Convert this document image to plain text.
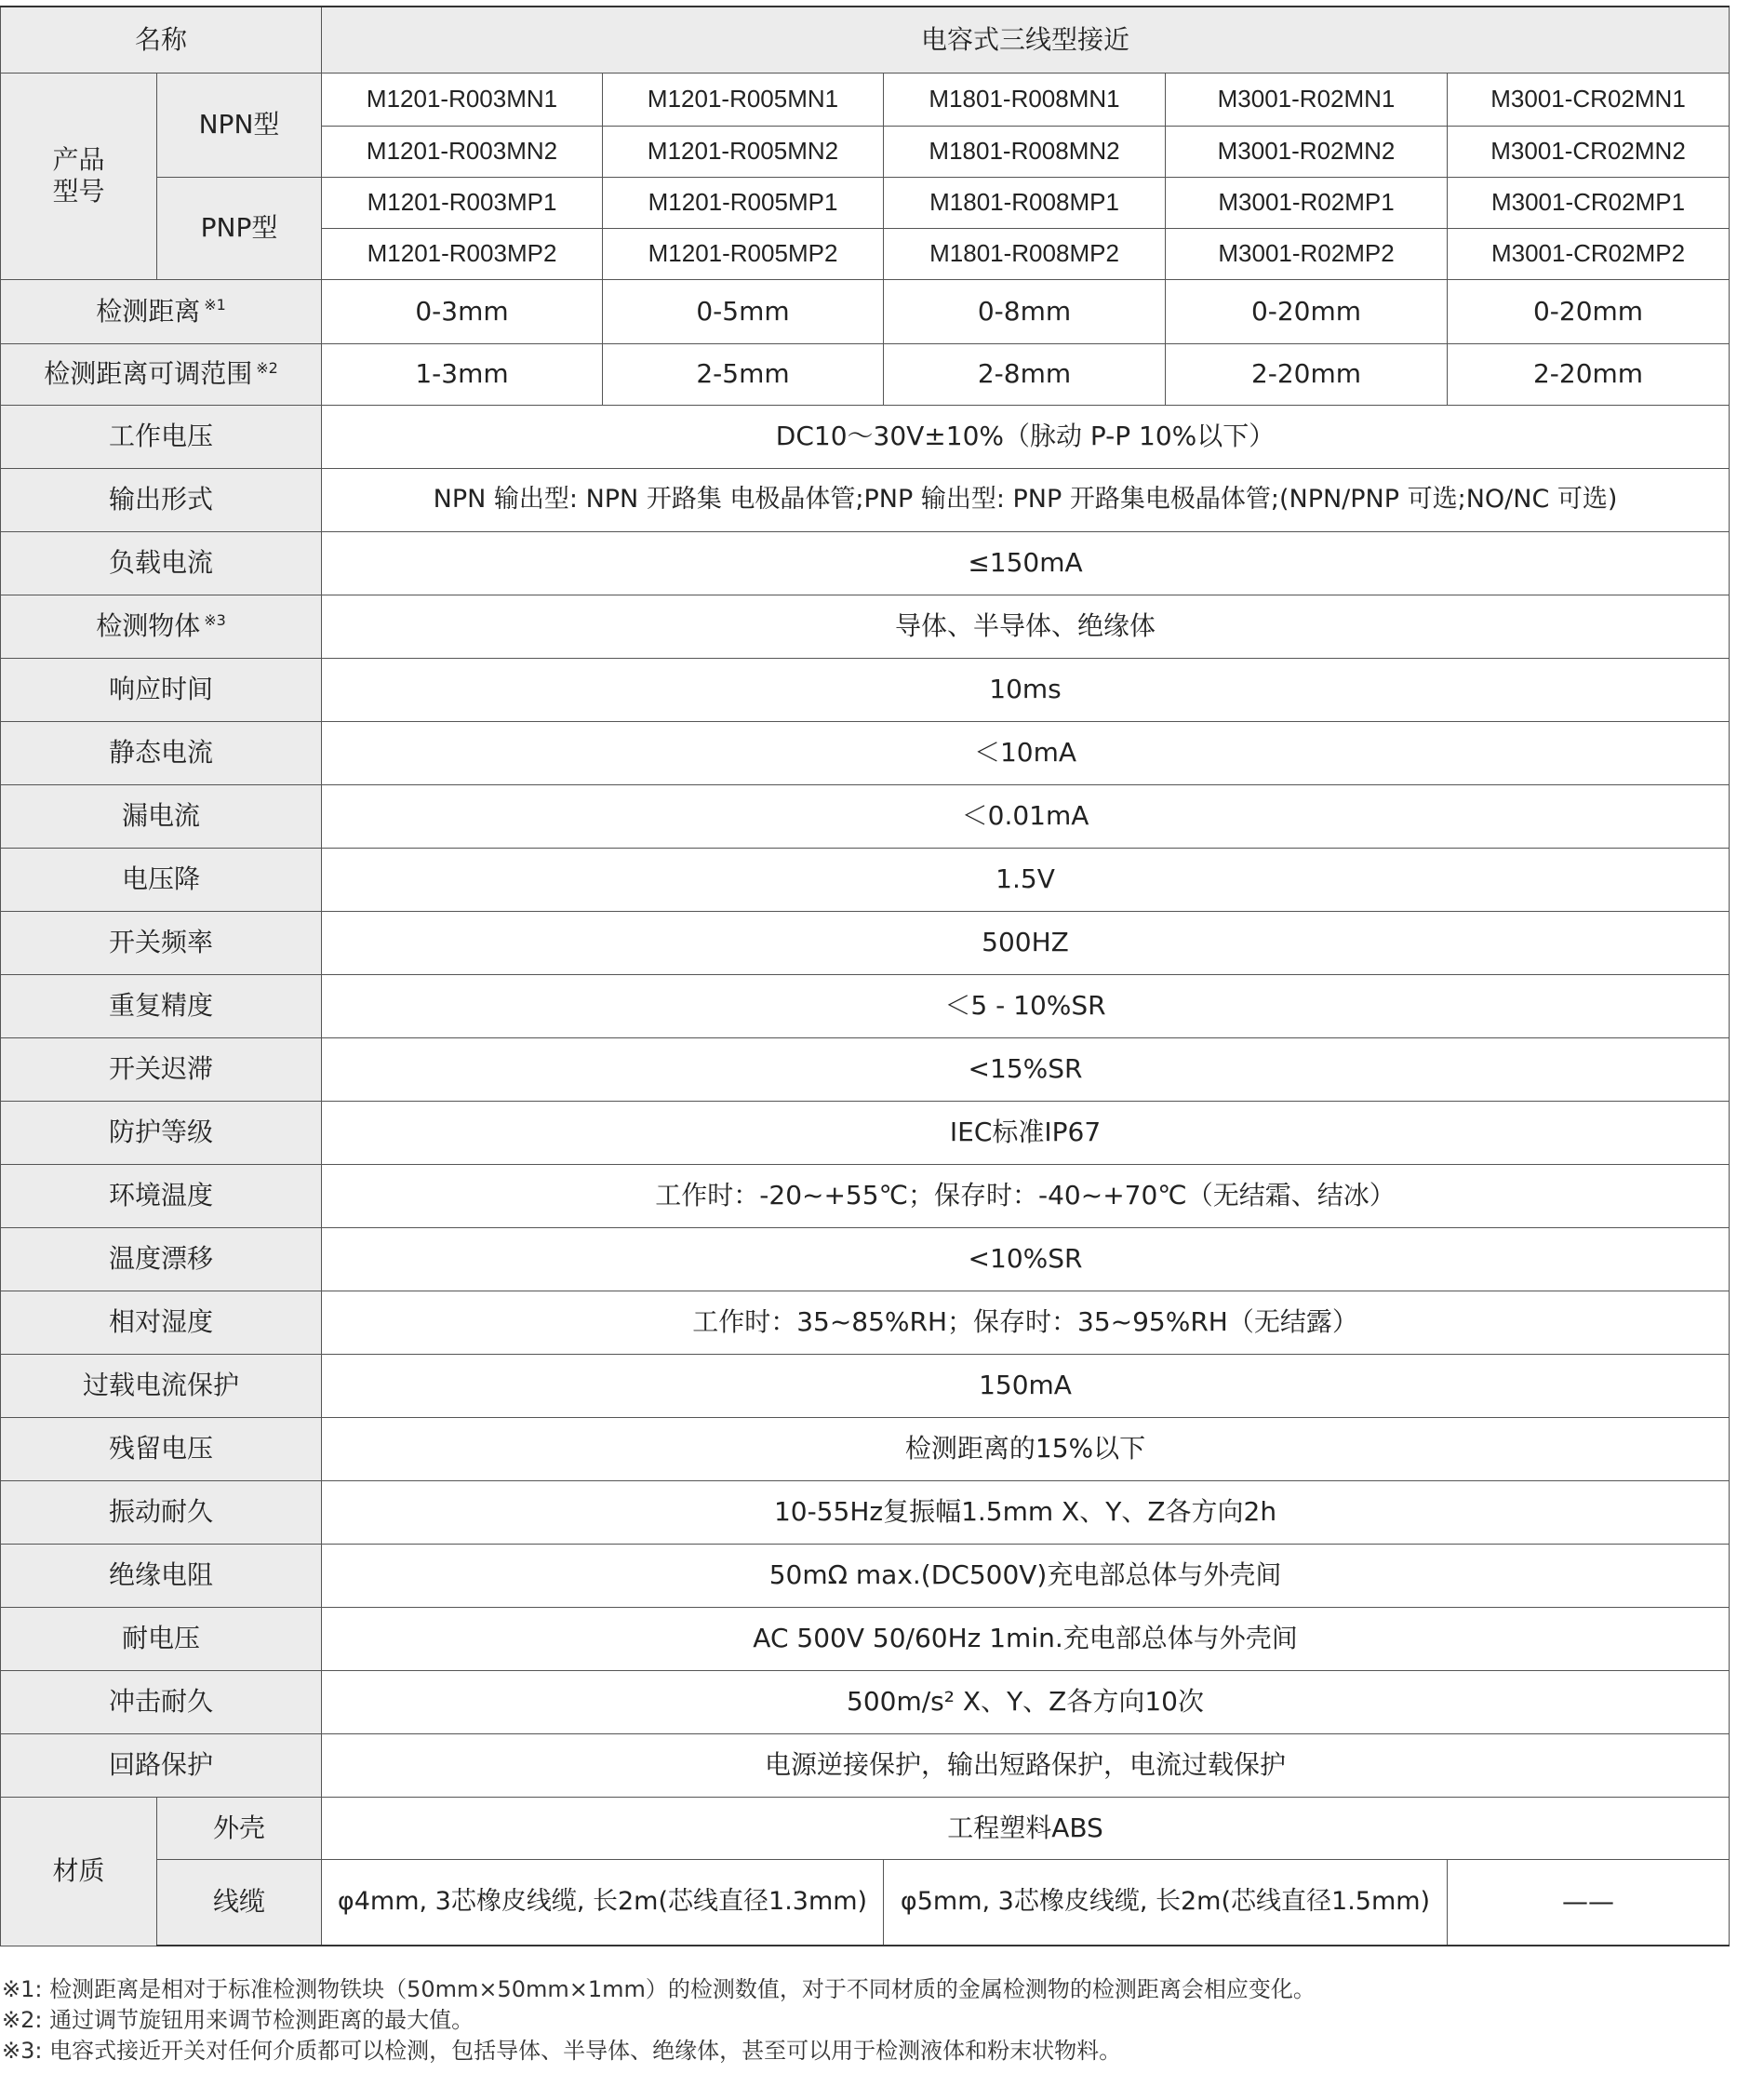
名称		电容式三线型接近				
产品
型号	NPN型	M1201-R003MN1	M1201-R005MN1	M1801-R008MN1	M3001-R02MN1	M3001-CR02MN1
		M1201-R003MN2	M1201-R005MN2	M1801-R008MN2	M3001-R02MN2	M3001-CR02MN2
	PNP型	M1201-R003MP1	M1201-R005MP1	M1801-R008MP1	M3001-R02MP1	M3001-CR02MP1
		M1201-R003MP2	M1201-R005MP2	M1801-R008MP2	M3001-R02MP2	M3001-CR02MP2
检测距离 $^{※1}$		0-3mm	0-5mm	0-8mm	0-20mm	0-20mm
检测距离可调范围 $^{※2}$		1-3mm	2-5mm	2-8mm	2-20mm	2-20mm
工作电压		DC10～30V±10%（脉动 P-P 10%以下）				
输出形式		NPN 输出型: NPN 开路集 电极晶体管;PNP 输出型: PNP 开路集电极晶体管;(NPN/PNP 可选;NO/NC 可选)				
负载电流		≤150mA				
检测物体 $^{※3}$		导体、半导体、绝缘体				
响应时间		10ms				
静态电流		＜10mA				
漏电流		＜0.01mA				
电压降		1.5V				
开关频率		500HZ				
重复精度		＜5 - 10%SR				
开关迟滞		<15%SR				
防护等级		IEC标准IP67				
环境温度		工作时：-20~+55℃；保存时：-40~+70℃（无结霜、结冰）				
温度漂移		<10%SR				
相对湿度		工作时：35~85%RH；保存时：35~95%RH（无结露）				
过载电流保护		150mA				
残留电压		检测距离的15%以下				
振动耐久		10-55Hz复振幅1.5mm X、Y、Z各方向2h				
绝缘电阻		50mΩ max.(DC500V)充电部总体与外壳间				
耐电压		AC 500V 50/60Hz 1min.充电部总体与外壳间				
冲击耐久		500m/s² X、Y、Z各方向10次				
回路保护		电源逆接保护，输出短路保护，电流过载保护				
材质	外壳	工程塑料ABS				
	线缆	φ4mm, 3芯橡皮线缆, 长2m(芯线直径1.3mm)		φ5mm, 3芯橡皮线缆, 长2m(芯线直径1.5mm)		——
※1: 检测距离是相对于标准检测物铁块（50mm×50mm×1mm）的检测数值，对于不同材质的金属检测物的检测距离会相应变化。
※2: 通过调节旋钮用来调节检测距离的最大值。
※3: 电容式接近开关对任何介质都可以检测，包括导体、半导体、绝缘体，甚至可以用于检测液体和粉末状物料。
